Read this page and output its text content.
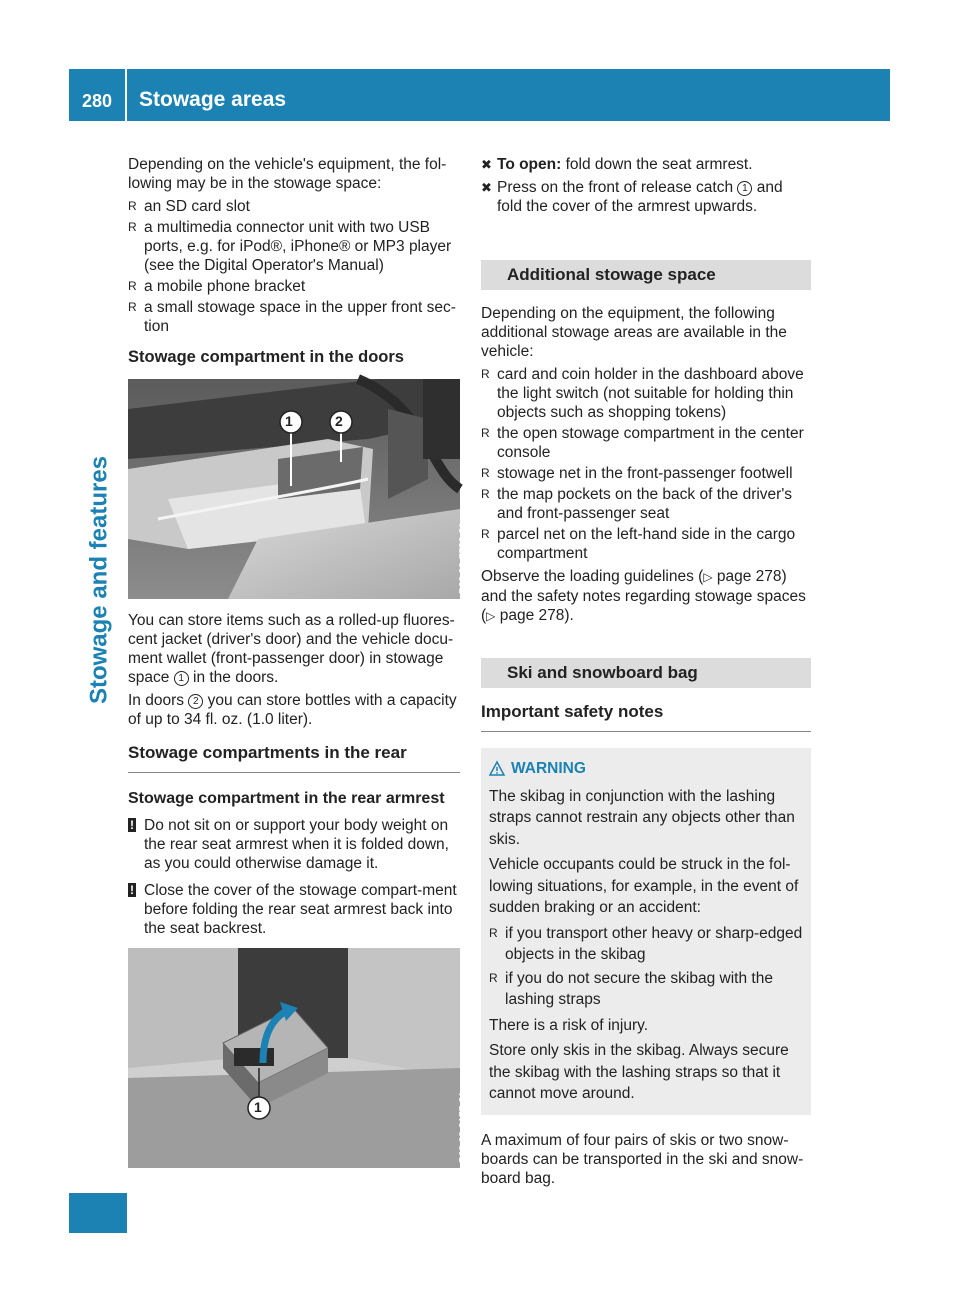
280	Stowage areas
Stowage and features

Depending on the vehicle's equipment, the fol-lowing may be in the stowage space:

R an SD card slot
R a multimedia connector unit with two USB ports, e.g. for iPod®, iPhone® or MP3 player (see the Digital Operator's Manual)
R a mobile phone bracket
R a small stowage space in the upper front sec-tion
Stowage compartment in the doors
1	2
P68.00-7789-31

You can store items such as a rolled-up fluores-cent jacket (driver's door) and the vehicle docu-ment wallet (front-passenger door) in stowage space 1 in the doors.

In doors 2 you can store bottles with a capacity of up to 34 fl. oz. (1.0 liter).

Stowage compartments in the rear
Stowage compartment in the rear armrest
! Do not sit on or support your body weight on the rear seat armrest when it is folded down, as you could otherwise damage it.
! Close the cover of the stowage compart-ment before folding the rear seat armrest back into the seat backrest.
1	P68.00-8177-31
✖ To open: fold down the seat armrest.
✖ Press on the front of release catch 1 and fold the cover of the armrest upwards.
Additional stowage space

Depending on the equipment, the following additional stowage areas are available in the vehicle:

R card and coin holder in the dashboard above the light switch (not suitable for holding thin objects such as shopping tokens)
R the open stowage compartment in the center console
R stowage net in the front-passenger footwell
R the map pockets on the back of the driver's and front-passenger seat
R parcel net on the left-hand side in the cargo compartment

Observe the loading guidelines (▷ page 278) and the safety notes regarding stowage spaces (▷ page 278).

Ski and snowboard bag
Important safety notes
WARNING

The skibag in conjunction with the lashing straps cannot restrain any objects other than skis.

Vehicle occupants could be struck in the fol-lowing situations, for example, in the event of sudden braking or an accident:

R if you transport other heavy or sharp-edged objects in the skibag
R if you do not secure the skibag with the lashing straps

There is a risk of injury.

Store only skis in the skibag. Always secure the skibag with the lashing straps so that it cannot move around.

A maximum of four pairs of skis or two snow-boards can be transported in the ski and snow-board bag.
